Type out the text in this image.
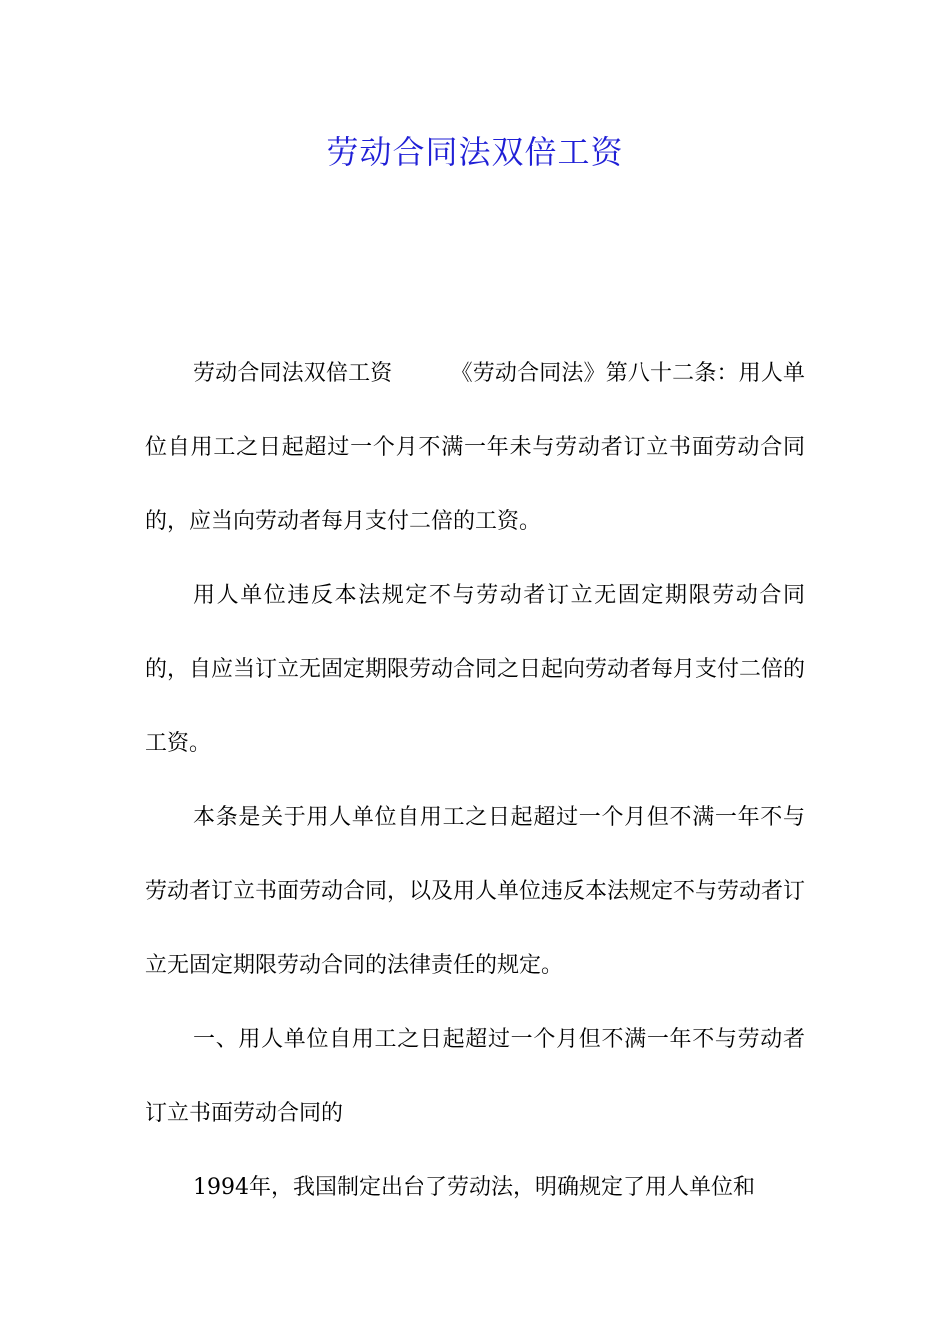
劳动合同法双倍工资

劳动合同法双倍工资	《劳动合同法》第八十二条：用人单位自用工之日起超过一个月不满一年未与劳动者订立书面劳动合同的，应当向劳动者每月支付二倍的工资。

用人单位违反本法规定不与劳动者订立无固定期限劳动合同的，自应当订立无固定期限劳动合同之日起向劳动者每月支付二倍的工资。

本条是关于用人单位自用工之日起超过一个月但不满一年不与劳动者订立书面劳动合同，以及用人单位违反本法规定不与劳动者订立无固定期限劳动合同的法律责任的规定。

一、用人单位自用工之日起超过一个月但不满一年不与劳动者订立书面劳动合同的

1994年，我国制定出台了劳动法，明确规定了用人单位和
